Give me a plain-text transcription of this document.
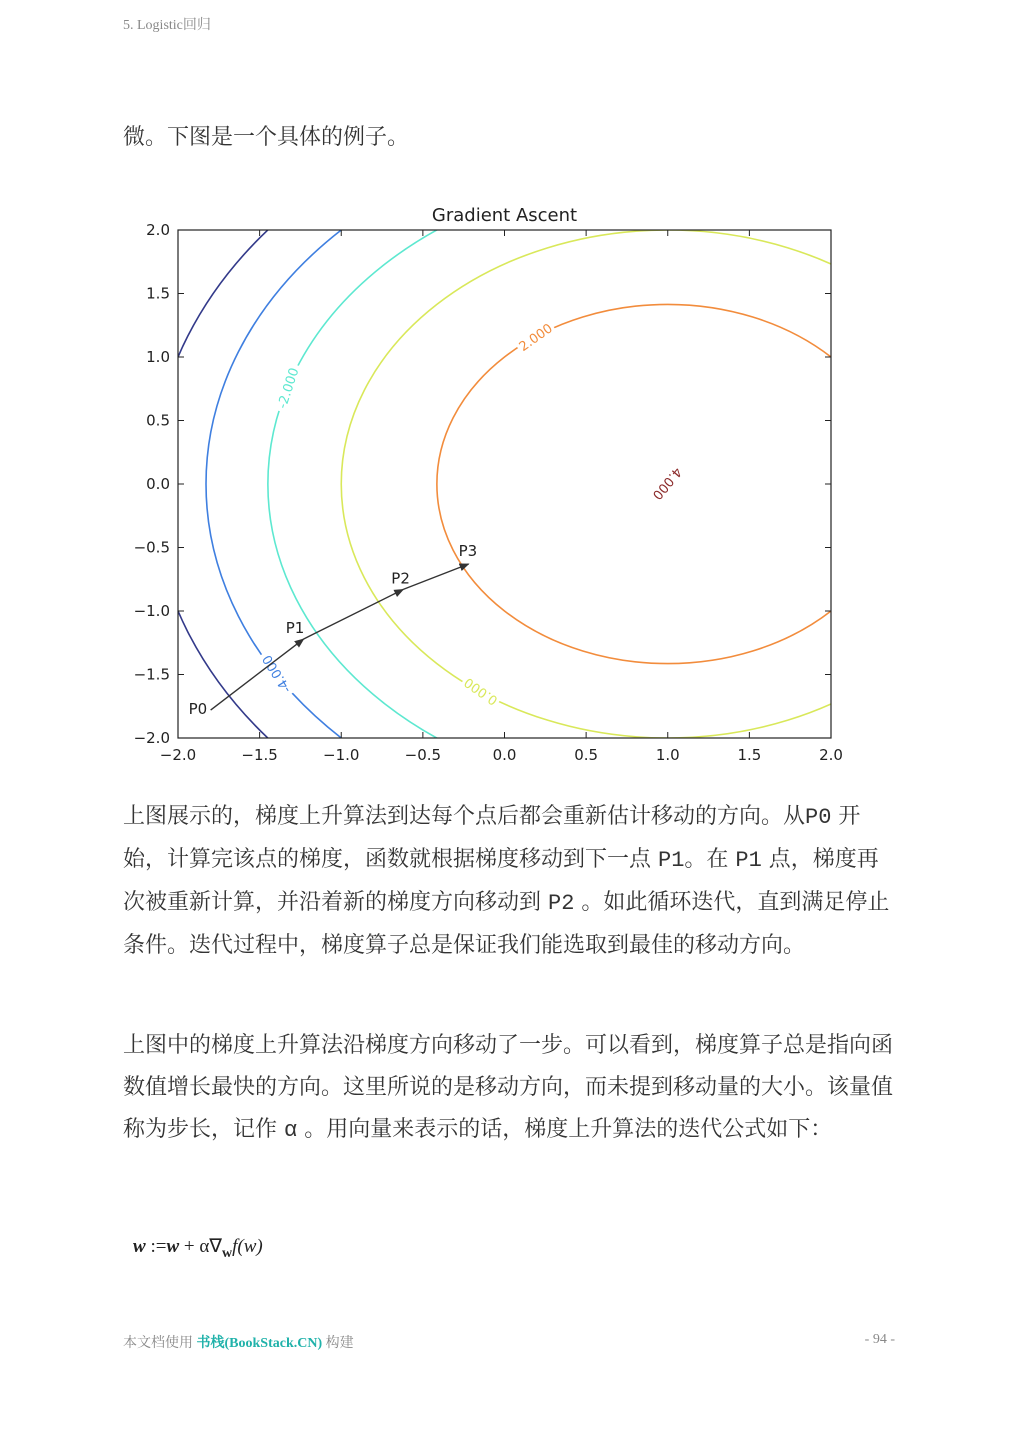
5. Logistic回归

微。下图是一个具体的例子。

4.000
2.000
0.000
-2.000
-4.000
−2.0	−1.5	−1.0	−0.5	0.0	0.5	1.0	1.5	2.0
2.0
1.5
1.0
0.5
0.0
−0.5
−1.0
−1.5
−2.0
Gradient Ascent
P0
P1
P2
P3

上图展示的，梯度上升算法到达每个点后都会重新估计移动的方向。从P0 开始，计算完该点的梯度，函数就根据梯度移动到下一点 P1。在 P1 点，梯度再次被重新计算，并沿着新的梯度方向移动到 P2 。如此循环迭代，直到满足停止条件。迭代过程中，梯度算子总是保证我们能选取到最佳的移动方向。

上图中的梯度上升算法沿梯度方向移动了一步。可以看到，梯度算子总是指向函数值增长最快的方向。这里所说的是移动方向，而未提到移动量的大小。该量值称为步长，记作 α 。用向量来表示的话，梯度上升算法的迭代公式如下：

w :=w + $\alpha\nabla_wf(w)$
本文档使用 书栈(BookStack.CN) 构建	- 94 -
